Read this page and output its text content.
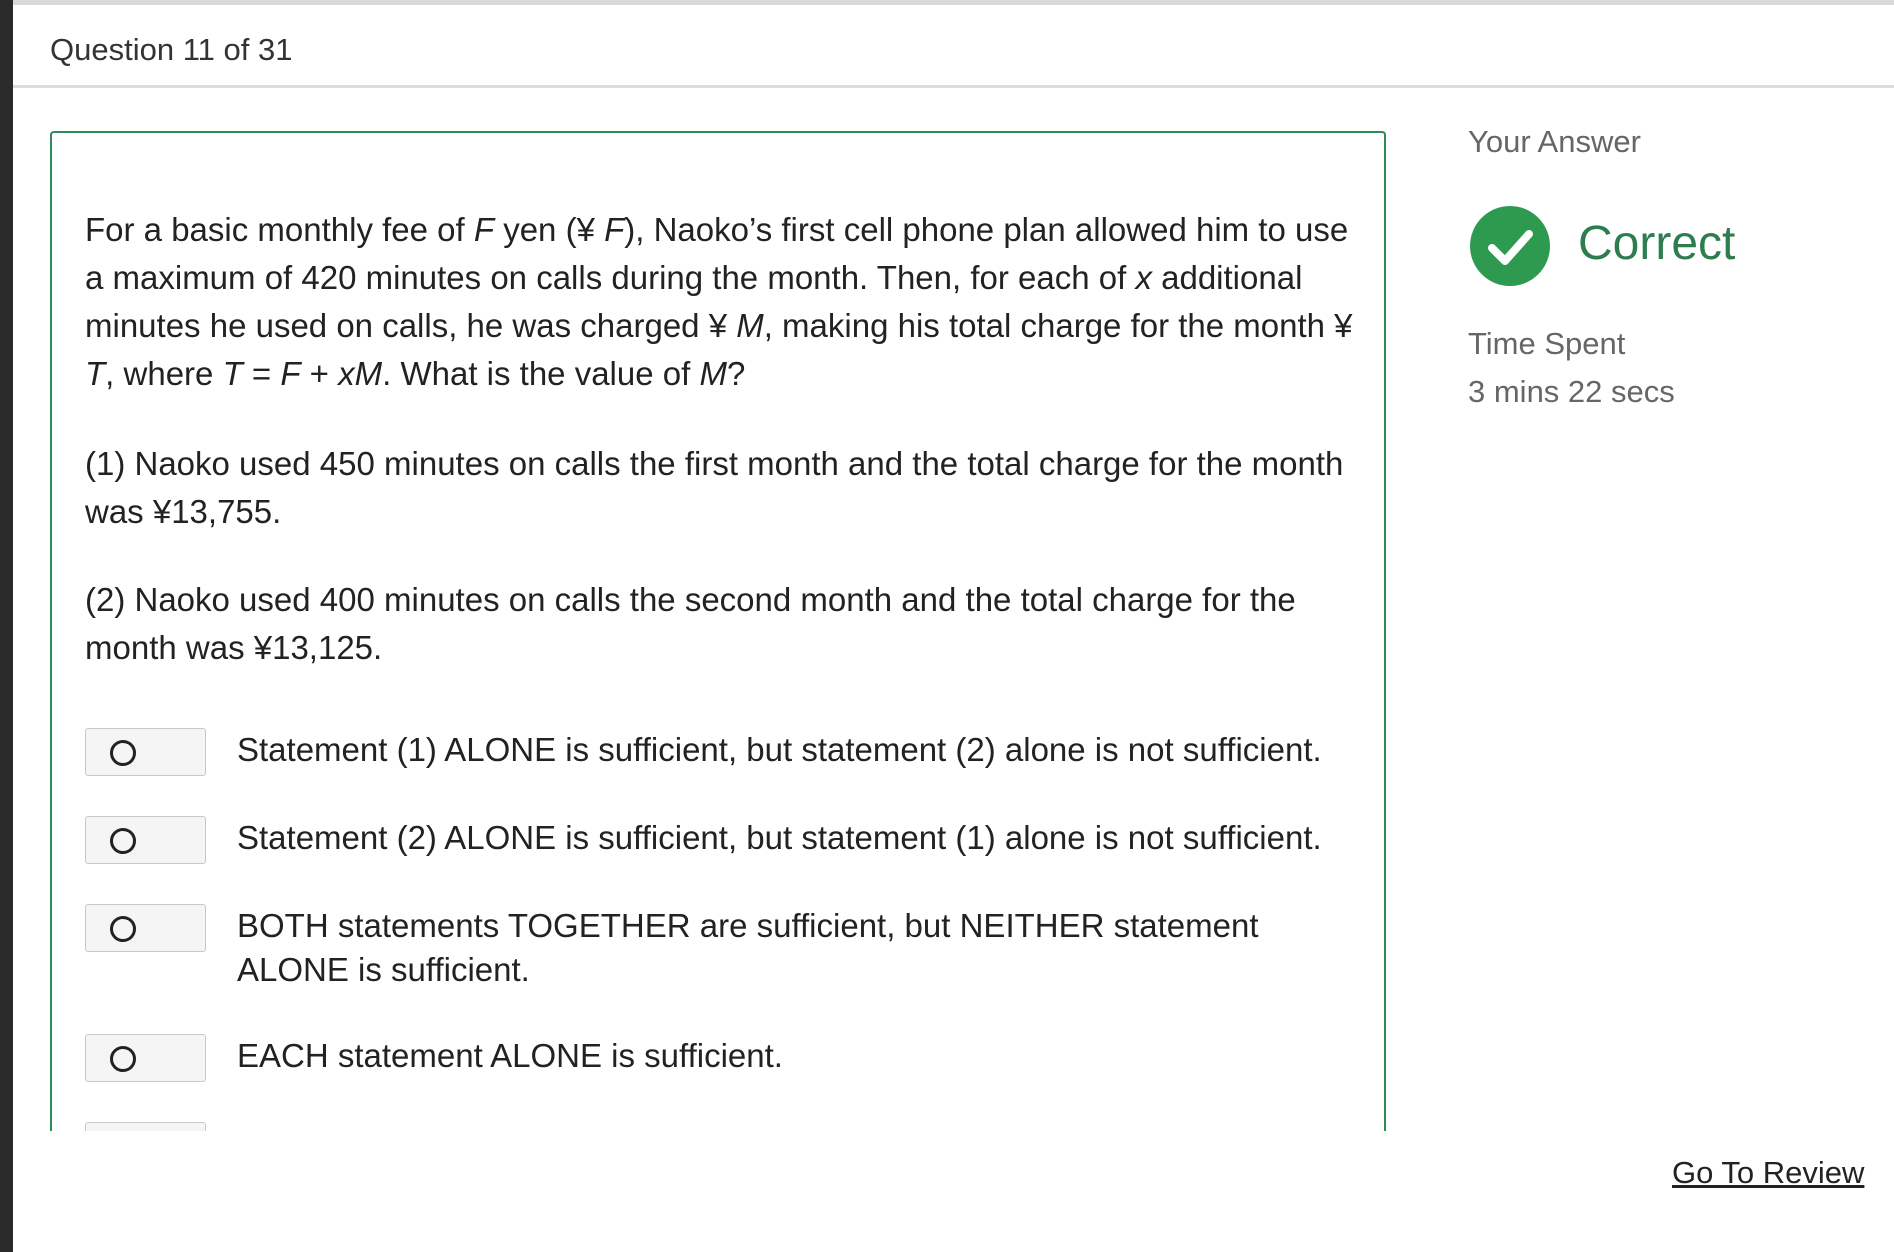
Question 11 of 31
For a basic monthly fee of F yen (¥ F), Naoko’s first cell phone plan allowed him to use a maximum of 420 minutes on calls during the month. Then, for each of x additional minutes he used on calls, he was charged ¥ M, making his total charge for the month ¥ T, where T = F + xM. What is the value of M?
(1) Naoko used 450 minutes on calls the first month and the total charge for the month was ¥13,755.
(2) Naoko used 400 minutes on calls the second month and the total charge for the month was ¥13,125.
Statement (1) ALONE is sufficient, but statement (2) alone is not sufficient.
Statement (2) ALONE is sufficient, but statement (1) alone is not sufficient.
BOTH statements TOGETHER are sufficient, but NEITHER statement ALONE is sufficient.
EACH statement ALONE is sufficient.
Your Answer
Correct
Time Spent
3 mins 22 secs
Go To Review
